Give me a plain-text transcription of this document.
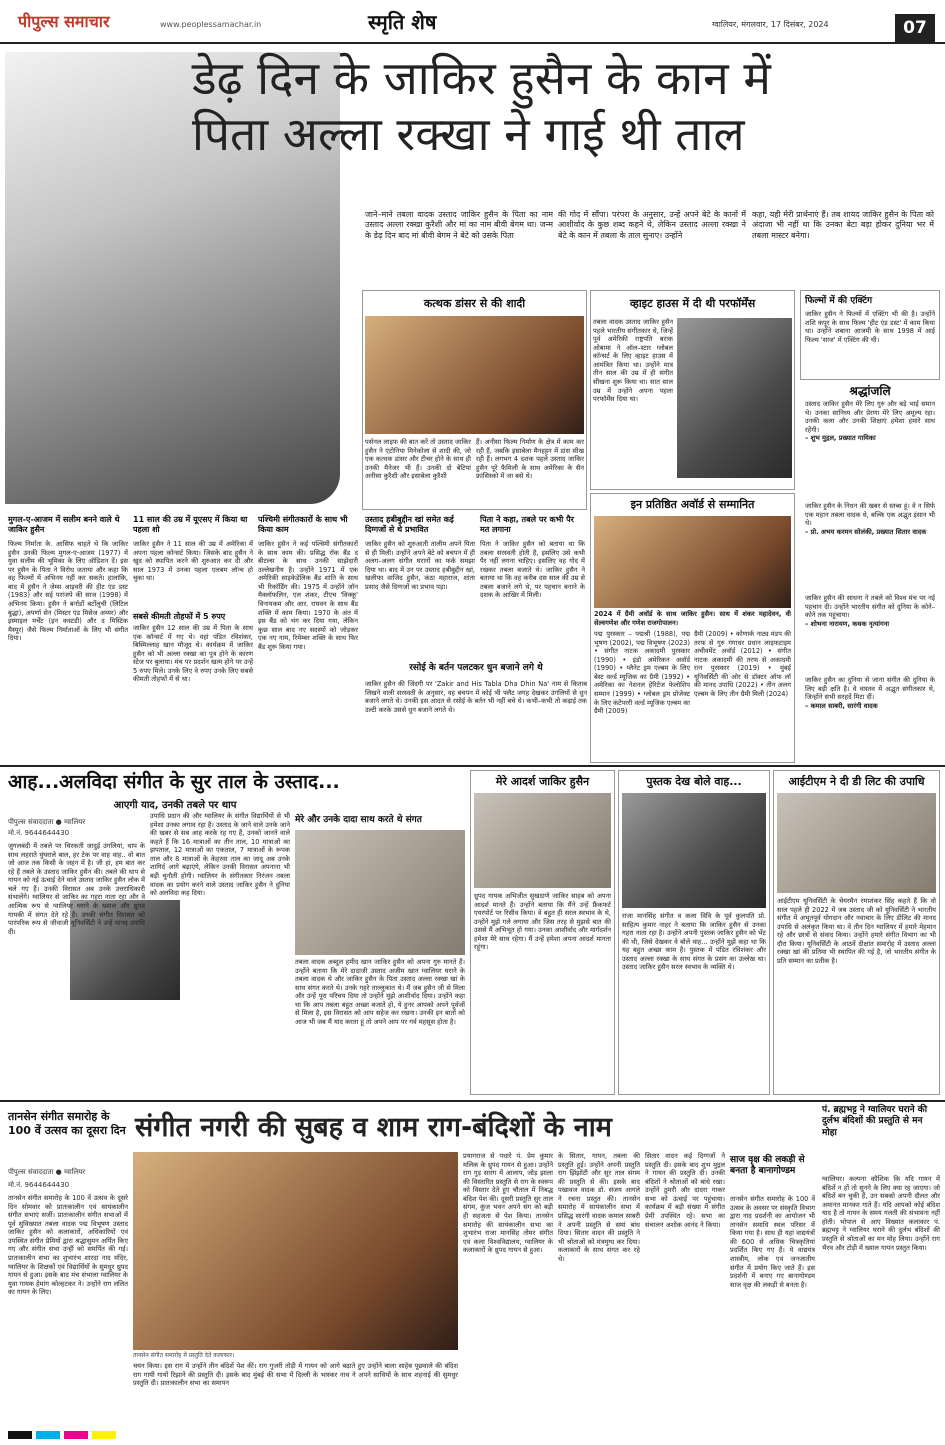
पीपुल्स समाचार	www.peoplessamachar.in	स्मृति शेष	ग्वालियर, मंगलवार, 17 दिसंबर, 2024	07
डेढ़ दिन के जाकिर हुसैन के कान में
पिता अल्ला रक्खा ने गाई थी ताल
जाने–माने तबला वादक उस्ताद जाकिर हुसैन के पिता का नाम उस्ताद अल्ला रक्खा कुरैशी और मां का नाम बीवी बेगम था। जन्म के डेढ़ दिन बाद मां बीवी बेगम ने बेटे को उसके पिता
की गोद में सौंपा। परंपरा के अनुसार, उन्हें अपने बेटे के कानों में आशीर्वाद के कुछ शब्द कहने थे, लेकिन उस्ताद अल्ला रक्खा ने बेटे के कान में तबला के ताल सुनाए। उन्होंने
कहा, यही मेरी प्रार्थनाएं हैं। तब शायद जाकिर हुसैन के पिता को अंदाजा भी नहीं था कि उनका बेटा बड़ा होकर दुनिया भर में तबला मास्टर बनेगा।
कत्थक डांसर से की शादी
पर्सनल लाइफ की बात करें तो उस्ताद जाकिर हुसैन ने एंटोनिया मिनेकोला से शादी की, जो एक कत्थक डांसर और टीचर होने के साथ ही उनकी मैनेजर भी हैं। उनकी दो बेटियां अनीसा कुरैशी और इसाबेला कुरैशी
हैं। अनीसा फिल्म निर्माण के क्षेत्र में काम कर रही हैं, जबकि इसाबेला मैनहट्टन में डांस सीख रही हैं। लगभग 4 दशक पहले उस्ताद जाकिर हुसैन पूरे फैमिली के साथ अमेरिका के सैन फ्रांसिस्को में जा बसे थे।
व्हाइट हाउस में दी थी परफॉर्मेंस
तबला वादक उस्ताद जाकिर हुसैन पहले भारतीय संगीतकार थे, जिन्हें पूर्व अमेरिकी राष्ट्रपति बराक ओबामा ने ऑल–स्टार ग्लोबल कॉन्सर्ट के लिए व्हाइट हाउस में आमंत्रित किया था। उन्होंने मात्र तीन साल की उम्र में ही संगीत सीखना शुरू किया था। सात साल उम्र में उन्होंने अपना पहला परफॉर्मेंस दिया था।
फिल्मों में की एक्टिंग
जाकिर हुसैन ने फिल्मों में एक्टिंग भी की है। उन्होंने शशि कपूर के साथ फिल्म 'हीट एंड डस्ट' में काम किया था। उन्होंने शबाना आजमी के साथ 1998 में आई फिल्म 'साज' में एक्टिंग की थी।
श्रद्धांजलि
उस्ताद जाकिर हुसैन मेरे लिए गुरु और बड़े भाई समान थे। उनका सानिध्य और प्रेरणा मेरे लिए अमूल्य रहा। उनकी कला और उनकी शिक्षाएं हमेशा हमारे साथ रहेंगी।
– शुभ मुद्गल, प्रख्यात गायिका
जाकिर हुसैन के निधन की खबर से स्तब्ध हूं। वे न सिर्फ एक महान तबला वादक थे, बल्कि एक अद्भुत इंसान भी थे।
– प्रो. अभय करमन सोलंकी, प्रख्यात सितार वादक
जाकिर हुसैन की साधना ने तबले को विश्व मंच पर नई पहचान दी। उन्होंने भारतीय संगीत को दुनिया के कोने–कोने तक पहुंचाया।
– शोभना नारायण, कथक नृत्यांगना
जाकिर हुसैन का दुनिया से जाना संगीत की दुनिया के लिए बड़ी क्षति है। वे वास्तव में अद्भुत संगीतकार थे, जिन्होंने सभी सरहदें मिटा दीं।
– कमाल साबरी, सारंगी वादक
मुगल-ए-आजम में सलीम बनने वाले थे जाकिर हुसैन
फिल्म निर्माता के. आसिफ चाहते थे कि जाकिर हुसैन उनकी फिल्म मुगल-ए-आजम (1977) में युवा सलीम की भूमिका के लिए ऑडिशन दें। इस पर हुसैन के पिता ने विरोध जताया और कहा कि वह फिल्मों में अभिनय नहीं कर सकते। हालांकि, बाद में हुसैन ने जेम्स आइवरी की हीट एंड डस्ट (1983) और सई परांजपे की साज (1998) में अभिनय किया। हुसैन ने बर्नार्डो बर्टोलुची (लिटिल बुद्धा), अपर्णा सेन (मिस्टर एंड मिसेज अय्यर) और इस्माइल मर्चेंट (इन कस्टडी) और द मिस्टिक मैस्यूर) जैसे फिल्म निर्माताओं के लिए भी संगीत दिया।
11 साल की उम्र में यूएसए में किया था पहला शो
जाकिर हुसैन ने 11 साल की उम्र में अमेरिका में अपना पहला कॉन्सर्ट किया। जिसके बाद हुसैन ने खुद को स्थापित करने की शुरुआत कर दी और साल 1973 में उनका पहला एलबम लॉन्च हो चुका था।
सबसे कीमती तोहफों में 5 रुपए
जाकिर हुसैन 12 साल की उम्र में पिता के साथ एक कॉन्सर्ट में गए थे। वहां पंडित रविशंकर, बिस्मिल्लाह खान मौजूद थे। कार्यक्रम में जाकिर हुसैन को भी अल्ला रक्खा का पुत्र होने के कारण स्टेज पर बुलाया। मंच पर प्रदर्शन खत्म होने पर उन्हें 5 रुपए मिले। उनके लिए वे रुपए उनके लिए सबसे कीमती तोहफों में से था।
पश्चिमी संगीतकारों के साथ भी किया काम
जाकिर हुसैन ने कई पश्चिमी संगीतकारों के साथ काम की। प्रसिद्ध रॉक बैंड द बीटल्स के साथ उनकी साझेदारी उल्लेखनीय है। उन्होंने 1971 में एक अमेरिकी साइकेडेलिक बैंड शांति के साथ भी रिकॉर्डिंग की। 1975 में उन्होंने जॉन मैक्लॉफलिन, एल शंकर, टीएच 'विक्कू' विनायकम और आर. राघवन के साथ बैंड शक्ति में काम किया। 1970 के अंत में इस बैंड को भंग कर दिया गया, लेकिन कुछ साल बाद नए सदस्यों को जोड़कर एक नए नाम, रिमेम्बर शक्ति के साथ फिर बैंड शुरू किया गया।
उस्ताद हबीबुद्दीन खां समेत कई दिग्गजों से थे प्रभावित
जाकिर हुसैन को शुरुआती तालीम अपने पिता से ही मिली। उन्होंने अपने बेटे को बचपन में ही अलग–अलग संगीत घरानों का फर्क समझा दिया था। बाद में उन पर उस्ताद हबीबुद्दीन खां, खलीफा वाजिद हुसैन, कंठा महाराज, शांता प्रसाद जैसे दिग्गजों का प्रभाव पड़ा।
पिता ने कहा, तबले पर कभी पैर मत लगाना
पिता ने जाकिर हुसैन को बताया था कि तबला सरस्वती होती है, इसलिए उसे कभी पैर नहीं लगना चाहिए। इसलिए वह गोद में रखकर तबला बजाते थे। जाकिर हुसैन ने बताया था कि वह करीब दस साल की उम्र से तबला बजाने लगे थे, पर पहचान बनाने के दशक के आखिर में मिली।
इन प्रतिष्ठित अवॉर्ड से सम्मानित
2024 में ग्रैमी अवॉर्ड के साथ जाकिर हुसैन। साथ में शंकर महादेवन, वी सेल्वगणेश और गणेश राजगोपालन।
पद्म पुरस्कार – पद्मश्री (1988), पद्म भूषण (2002), पद्म विभूषण (2023) • संगीत नाटक अकादमी पुरस्कार (1990) • इंडो अमेरिकन अवॉर्ड (1990) • प्लैनेट ड्रम एल्बम के लिए बेस्ट वर्ल्ड म्यूजिक का ग्रैमी (1992) • अमेरिका का नेशनल हेरिटेज फेलोशिप सम्मान (1999) • ग्लोबल ड्रम प्रोजेक्ट के लिए कंटेंपररी वर्ल्ड म्यूजिक एल्बम का ग्रैमी (2009)
ग्रैमी (2009) • कोणार्क नाट्य मंडप की तरफ से गुरु गंगाधर प्रधान लाइफटाइम अचीवमेंट अवॉर्ड (2012) • संगीत नाटक अकादमी की तरफ से अकादमी रत्न पुरस्कार (2019) • मुंबई यूनिवर्सिटी की ओर से डॉक्टर ऑफ लॉ की मानद उपाधि (2022) • तीन अलग एल्बम के लिए तीन ग्रैमी मिली (2024)
रसोई के बर्तन पलटकर धुन बजाने लगे थे
जाकिर हुसैन की जिंदगी पर 'Zakir and His Tabla Dha Dhin Na' नाम से किताब लिखने वाली सरस्वती के अनुसार, वह बचपन में कोई भी फ्लैट जगह देखकर उंगलियों से धुन बजाने लगते थे। उनकी इस आदत से रसोई के बर्तन भी नहीं बचे थे। कभी–कभी तो कढ़ाई तक उल्टी करके उससे धुन बजाने लगते थे।
आह...अलविदा संगीत के सुर ताल के उस्ताद...
आएगी याद, उनकी तबले पर थाप
पीपुल्स संवाददाता ● ग्वालियर
मो.नं. 9644644430
जुगलबंदी में तबले पर थिरकती जादुई उंगलियां, थाप के साथ लहराते घुंघराले बाल, हर टेक पर वाह वाह.. वो बात जो आज तक किसी के जहन में है। जी हां, हम बात कर रहे हैं तबले के उस्ताद जाकिर हुसैन की। तबले की थाप से गायन को नई ऊंचाई देने वाले उस्ताद जाकिर हुसैन लोक में चले गए हैं। उनकी विरासत अब उनके उत्तराधिकारी संभालेंगे। ग्वालियर से जाकिर का गहरा नाता रहा और वे आत्मिक रूप से ग्वालियर घराने के ख्याल और ध्रुपद गायकी में संगत देते रहे हैं। उनकी संगीत विरासत को पारंपरिक रूप से जीवाजी यूनिवर्सिटी ने उन्हें मानद उपाधि दी।
उपाधि प्रदान की और ग्वालियर के संगीत विद्यार्थियों से भी हमेशा उनका लगाव रहा है। उस्ताद के जाने वाले उनके जाने की खबर से सब आह करके रह गए हैं, उनको जानने वाले कहते हैं कि 16 मात्राओं का तीन ताल, 10 मात्राओं का झपताल, 12 मात्राओं का एकताल, 7 मात्राओं के रूपक ताल और 8 मात्राओं के केहरवा ताल का जादू अब उनके शागिर्द आगे बढ़ाएंगे, लेकिन उनकी विरासत अपनाना भी बड़ी चुनौती होगी। ग्वालियर के संगीतकार निरंजन तबला वादक का प्रयोग करने वाले उस्ताद जाकिर हुसैन ने दुनिया को अलविदा कह दिया।
मेरे और उनके दादा साथ करते थे संगत
तबला वादक अब्दुल हमीद खान जाकिर हुसैन को अपना गुरु मानते हैं। उन्होंने बताया कि मेरे दादाजी उस्ताद अजीम खान ग्वालियर घराने के तबला वादक थे और जाकिर हुसैन के पिता उस्ताद अल्ला रक्खा खां के साथ संगत करते थे। उनके गहरे ताल्लुकात थे। मैं जब हुसैन जी से मिला और उन्हें पूरा परिचय दिया तो उन्होंने मुझे आशीर्वाद दिया। उन्होंने कहा था कि आप तबला बहुत अच्छा बजाते हो, ये हुनर आपको अपने पूर्वजों से मिला है, इस विरासत को आप सहेज कर रखना। उनकी इन बातों को आज भी जब मैं याद करता हूं तो अपने आप पर गर्व महसूस होता है।
मेरे आदर्श जाकिर हुसैन
ध्रुपद गायक अभिजीत सुखदाणे जाकिर साहब को अपना आदर्श मानते हैं। उन्होंने बताया कि मैंने उन्हें फ्रैंकफर्ट एयरपोर्ट पर रिसीव किया। वे बहुत ही सरल स्वभाव के थे, उन्होंने मुझे गले लगाया और जिस तरह से मुझसे बात की उससे मैं अभिभूत हो गया। उनका आशीर्वाद और मार्गदर्शन हमेशा मेरे साथ रहेगा। मैं उन्हें हमेशा अपना आदर्श मानता रहूंगा।
पुस्तक देख बोले वाह...
राजा मानसिंह संगीत व कला विवि के पूर्व कुलपति प्रो. साहित्य कुमार नाहर ने बताया कि जाकिर हुसैन से उनका गहरा नाता रहा है। उन्होंने अपनी पुस्तक जाकिर हुसैन को भेंट की थी, जिसे देखकर वे बोले वाह... उन्होंने मुझे कहा था कि यह बहुत अच्छा काम है। पुस्तक में पंडित रविशंकर और उस्ताद अल्ला रक्खा के साथ संगत के प्रसंग का उल्लेख था। उस्ताद जाकिर हुसैन सरल स्वभाव के व्यक्ति थे।
आईटीएम ने दी डी लिट की उपाधि
आईटीएम यूनिवर्सिटी के चेयरमैन रमाशंकर सिंह कहते हैं कि वो साल पहले ही 2022 में जब उस्ताद जी को यूनिवर्सिटी ने भारतीय संगीत में अभूतपूर्व योगदान और नवाचार के लिए डीलिट की मानद उपाधि से अलंकृत किया था। वे तीन दिन ग्वालियर में हमारे मेहमान रहे और छात्रों से संवाद किया। उन्होंने हमारे संगीत विभाग का भी दौरा किया। यूनिवर्सिटी के आठवें दीक्षांत समारोह में उस्ताद अल्ला रक्खा खां की प्रतिमा भी स्थापित की गई है, जो भारतीय संगीत के प्रति सम्मान का प्रतीक है।
तानसेन संगीत समारोह के 100 वें उत्सव का दूसरा दिन
पीपुल्स संवाददाता ● ग्वालियर
मो.नं. 9644644430
संगीत नगरी की सुबह व शाम राग-बंदिशों के नाम
तानसेन संगीत समारोह के 100 वें उत्सव के दूसरे दिन सोमवार को प्रातःकालीन एवं सायंकालीन संगीत सभाएं सजीं। प्रातःकालीन संगीत सभाओं में पूर्व सुविख्यात तबला वादक पद्म विभूषण उस्ताद जाकिर हुसैन को कलाकारों, अधिकारियों एवं उपस्थित संगीत प्रेमियों द्वारा श्रद्धासुमन अर्पित किए गए और संगीत सभा उन्हीं को समर्पित की गई। प्रातःकालीन सभा का शुभारंभ शारदा नाद मंदिर, ग्वालियर के शिक्षकों एवं विद्यार्थियों के सुमधुर ध्रुपद गायन से हुआ। इसके बाद मंच संभाला ग्वालियर के युवा गायक हेमांग कोल्हटकर ने। उन्होंने राग ललित का गायन के लिए।
तानसेन संगीत समारोह में प्रस्तुति देते कलाकार।
चयन किया। इस राग में उन्होंने तीन बंदिशें पेश कीं। राग गुजरी तोड़ी में गायन को आगे बढ़ाते हुए उन्होंने बाला साहेब पूछवाले की बंदिश राग गायी गायों रिझाने की प्रस्तुति दी। इसके बाद मुंबई की सभा में दिल्ली के भास्कर नाथ ने अपने साथियों के साथ शहनाई की सुमधुर प्रस्तुति दी। प्रातःकालीन सभा का समापन
प्रयागराज से पधारे पं. प्रेम कुमार मलिक के ध्रुपद गायन से हुआ। उन्होंने राग गुड़ सारंग में आलाप, जोड़ झाला की विस्तारित प्रस्तुति से राग के स्वरूप को विस्तार देते हुए चौताल में निबद्ध बंदिश पेश की। दूसरी प्रस्तुति सुर ताल संगम, कुंज भवन अपने संग को बड़ी ही सहजता से पेश किया। तानसेन समारोह की सायंकालीन सभा का शुभारंभ राजा मानसिंह तोमर संगीत एवं कला विश्वविद्यालय, ग्वालियर के कलाकारों के ध्रुपद गायन से हुआ।
के सितार, गायन, तबला की प्रस्तुति हुई। उन्होंने अपनी प्रस्तुति राग झिंझोटी और सुर ताल संगम की प्रस्तुति से की। इसके बाद पखावज वादक डॉ. संजय आगले ने रचना प्रस्तुत की। तानसेन समारोह में सायंकालीन सभा में प्रसिद्ध सारंगी वादक कमाल साबरी ने अपनी प्रस्तुति से समां बांध दिया। सितार वादन की प्रस्तुति ने भी श्रोताओं को मंत्रमुग्ध कर दिया। कलाकारों के साथ संगत कर रहे थे।
सितार वादन कई दिग्गजों ने प्रस्तुति दी। इसके बाद शुभ मुद्गल ने गायन की प्रस्तुति दी। उनकी बंदिशों ने श्रोताओं को बांधे रखा। उन्होंने ठुमरी और दादरा गाकर सभा को ऊंचाई पर पहुंचाया। कार्यक्रम में बड़ी संख्या में संगीत प्रेमी उपस्थित रहे। सभा का संचालन अशोक आनंद ने किया।
साज वृक्ष की लकड़ी से बनता है बानागोण्डम
तानसेन संगीत समारोह के 100 वें उत्सव के अवसर पर संस्कृति विभाग द्वारा नाद प्रदर्शनी का आयोजन भी तानसेन समाधि स्थल परिसर में किया गया है। साथ ही यहां वाद्ययंत्रों की 600 से अधिक चित्रकृतियां प्रदर्शित किए गए हैं। ये वाद्ययंत्र शास्त्रीय, लोक एवं जनजातीय संगीत में प्रयोग किए जाते हैं। इस प्रदर्शनी में बनाए गए बानागोण्डम साज वृक्ष की लकड़ी से बनता है।
पं. ब्रह्मभट्ट ने ग्वालियर घराने की दुर्लभ बंदिशों की प्रस्तुति से मन मोहा
ग्वालियर। कल्पना कौशिक कि यदि गायन में बंदिशें न हों तो सुनने के लिए क्या रह जाएगा। जो बंदिशें बन चुकी हैं, उन सबको अपनी दौलत और अमानत मानकर गाते हैं। यदि आपको कोई बंदिश याद है तो गायन के समय गलती की संभावना नहीं होती। भोपाल से आए विख्यात कलाकार पं. ब्रह्मभट्ट ने ग्वालियर घराने की दुर्लभ बंदिशों की प्रस्तुति से श्रोताओं का मन मोह लिया। उन्होंने राग भैरव और टोड़ी में ख्याल गायन प्रस्तुत किया।
